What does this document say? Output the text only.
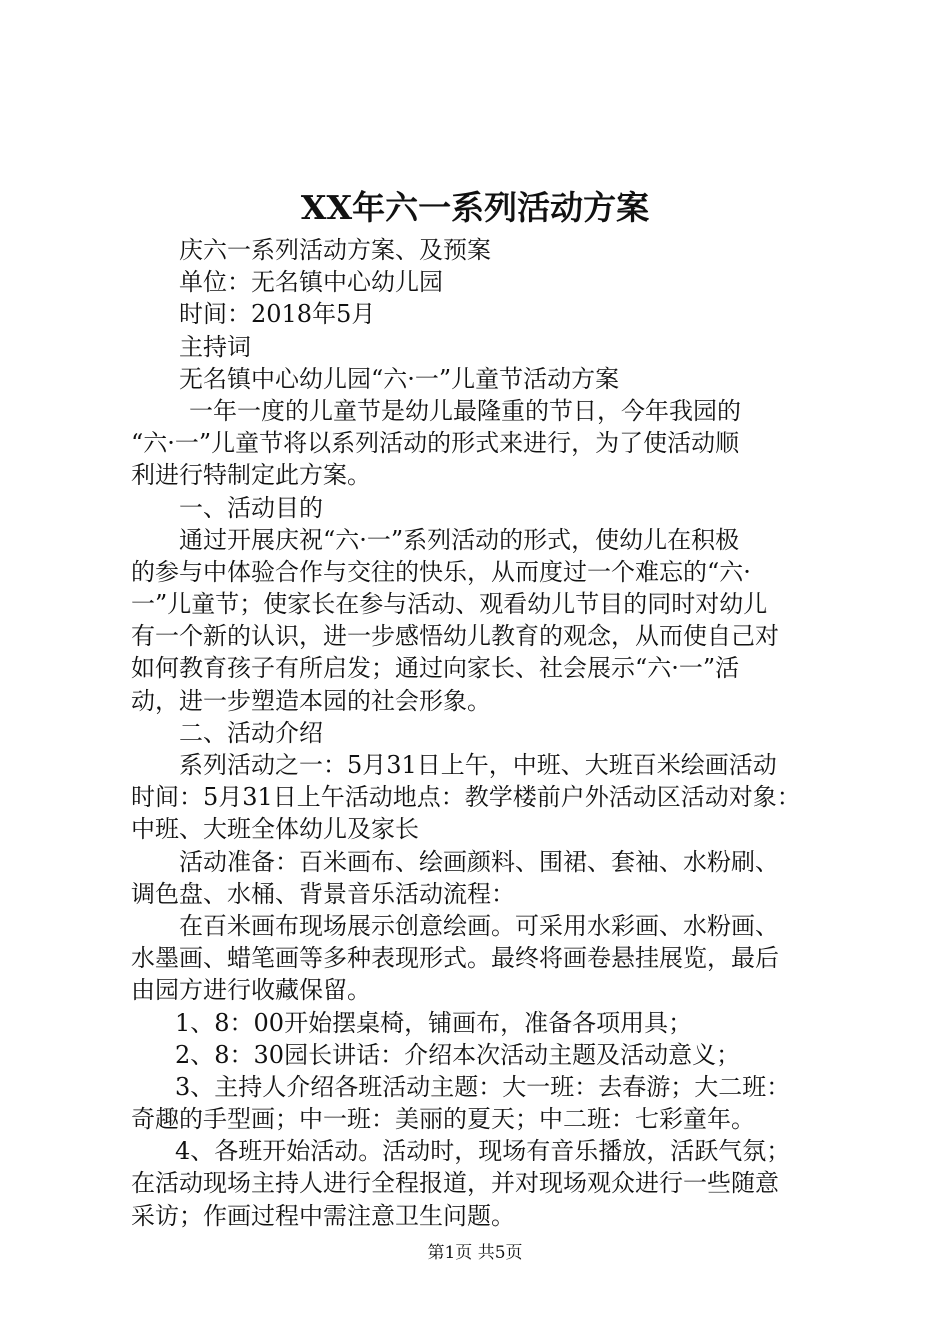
XX年六一系列活动方案
庆六一系列活动方案、及预案
单位：无名镇中心幼儿园
时间：2018年5月
主持词
无名镇中心幼儿园“六·一”儿童节活动方案
一年一度的儿童节是幼儿最隆重的节日，今年我园的
“六·一”儿童节将以系列活动的形式来进行，为了使活动顺
利进行特制定此方案。
一、活动目的
通过开展庆祝“六·一”系列活动的形式，使幼儿在积极
的参与中体验合作与交往的快乐，从而度过一个难忘的“六·
一”儿童节；使家长在参与活动、观看幼儿节目的同时对幼儿
有一个新的认识，进一步感悟幼儿教育的观念，从而使自己对
如何教育孩子有所启发；通过向家长、社会展示“六·一”活
动，进一步塑造本园的社会形象。
二、活动介绍
系列活动之一：5月31日上午，中班、大班百米绘画活动
时间：5月31日上午活动地点：教学楼前户外活动区活动对象：
中班、大班全体幼儿及家长
活动准备：百米画布、绘画颜料、围裙、套袖、水粉刷、
调色盘、水桶、背景音乐活动流程：
在百米画布现场展示创意绘画。可采用水彩画、水粉画、
水墨画、蜡笔画等多种表现形式。最终将画卷悬挂展览，最后
由园方进行收藏保留。
1、8：00开始摆桌椅，铺画布，准备各项用具；
2、8：30园长讲话：介绍本次活动主题及活动意义；
3、主持人介绍各班活动主题：大一班：去春游；大二班：
奇趣的手型画；中一班：美丽的夏天；中二班：七彩童年。
4、各班开始活动。活动时，现场有音乐播放，活跃气氛；
在活动现场主持人进行全程报道，并对现场观众进行一些随意
采访；作画过程中需注意卫生问题。
第1页 共5页
